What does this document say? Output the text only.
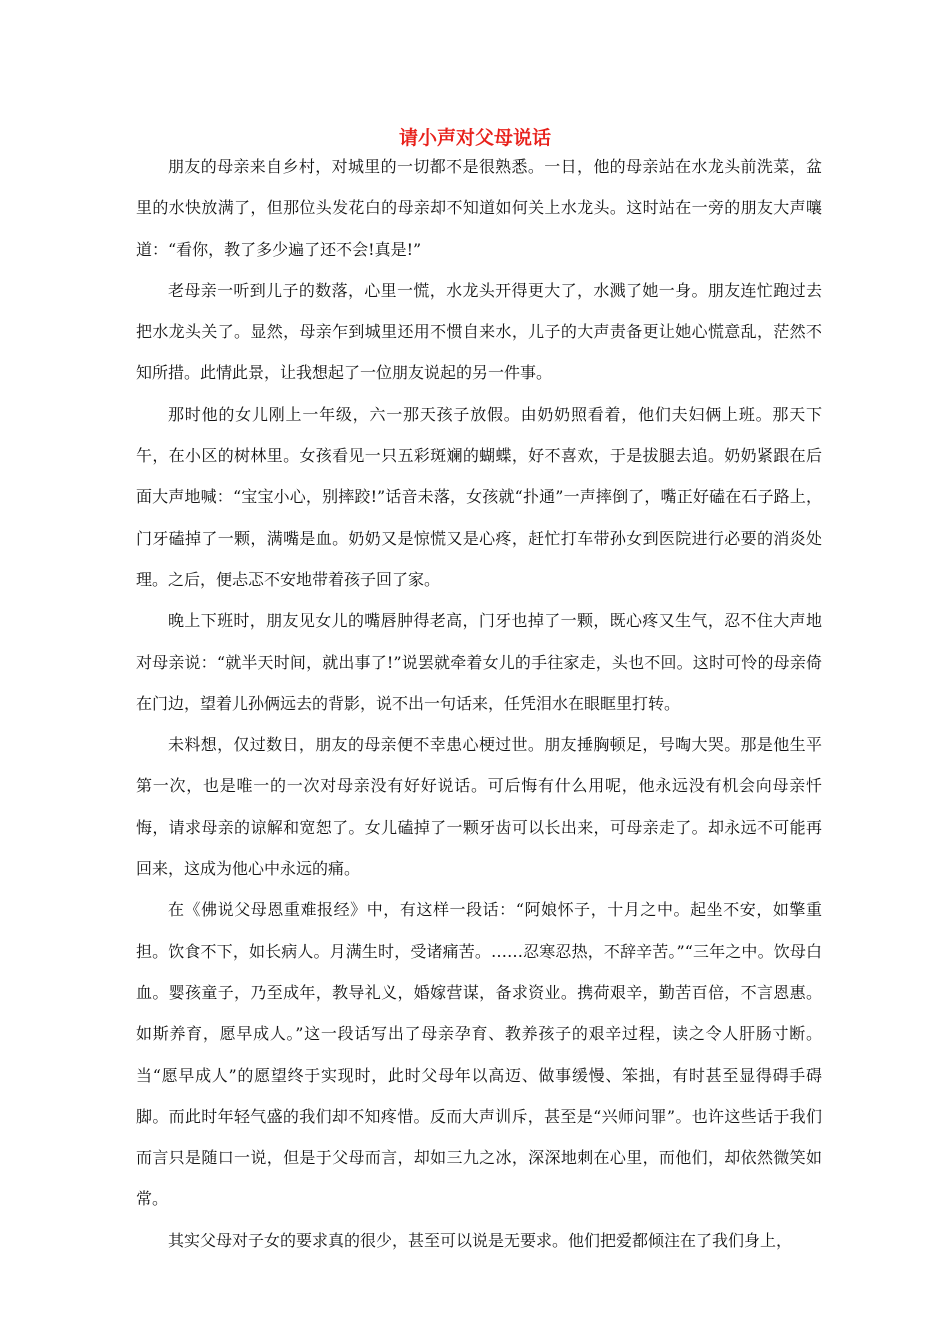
请小声对父母说话

朋友的母亲来自乡村，对城里的一切都不是很熟悉。一日，他的母亲站在水龙头前洗菜，盆里的水快放满了，但那位头发花白的母亲却不知道如何关上水龙头。这时站在一旁的朋友大声嚷道：“看你，教了多少遍了还不会!真是!”

老母亲一听到儿子的数落，心里一慌，水龙头开得更大了，水溅了她一身。朋友连忙跑过去把水龙头关了。显然，母亲乍到城里还用不惯自来水，儿子的大声责备更让她心慌意乱，茫然不知所措。此情此景，让我想起了一位朋友说起的另一件事。

那时他的女儿刚上一年级，六一那天孩子放假。由奶奶照看着，他们夫妇俩上班。那天下午，在小区的树林里。女孩看见一只五彩斑斓的蝴蝶，好不喜欢，于是拔腿去追。奶奶紧跟在后面大声地喊：“宝宝小心，别摔跤!”话音未落，女孩就“扑通”一声摔倒了，嘴正好磕在石子路上，门牙磕掉了一颗，满嘴是血。奶奶又是惊慌又是心疼，赶忙打车带孙女到医院进行必要的消炎处理。之后，便忐忑不安地带着孩子回了家。

晚上下班时，朋友见女儿的嘴唇肿得老高，门牙也掉了一颗，既心疼又生气，忍不住大声地对母亲说：“就半天时间，就出事了!”说罢就牵着女儿的手往家走，头也不回。这时可怜的母亲倚在门边，望着儿孙俩远去的背影，说不出一句话来，任凭泪水在眼眶里打转。

未料想，仅过数日，朋友的母亲便不幸患心梗过世。朋友捶胸顿足，号啕大哭。那是他生平第一次，也是唯一的一次对母亲没有好好说话。可后悔有什么用呢，他永远没有机会向母亲忏悔，请求母亲的谅解和宽恕了。女儿磕掉了一颗牙齿可以长出来，可母亲走了。却永远不可能再回来，这成为他心中永远的痛。

在《佛说父母恩重难报经》中，有这样一段话：“阿娘怀子，十月之中。起坐不安，如擎重担。饮食不下，如长病人。月满生时，受诸痛苦。……忍寒忍热，不辞辛苦。”“三年之中。饮母白血。婴孩童子，乃至成年，教导礼义，婚嫁营谋，备求资业。携荷艰辛，勤苦百倍，不言恩惠。如斯养育，愿早成人。”这一段话写出了母亲孕育、教养孩子的艰辛过程，读之令人肝肠寸断。当“愿早成人”的愿望终于实现时，此时父母年以高迈、做事缓慢、笨拙，有时甚至显得碍手碍脚。而此时年轻气盛的我们却不知疼惜。反而大声训斥，甚至是“兴师问罪”。也许这些话于我们而言只是随口一说，但是于父母而言，却如三九之冰，深深地刺在心里，而他们，却依然微笑如常。

其实父母对子女的要求真的很少，甚至可以说是无要求。他们把爱都倾注在了我们身上，
